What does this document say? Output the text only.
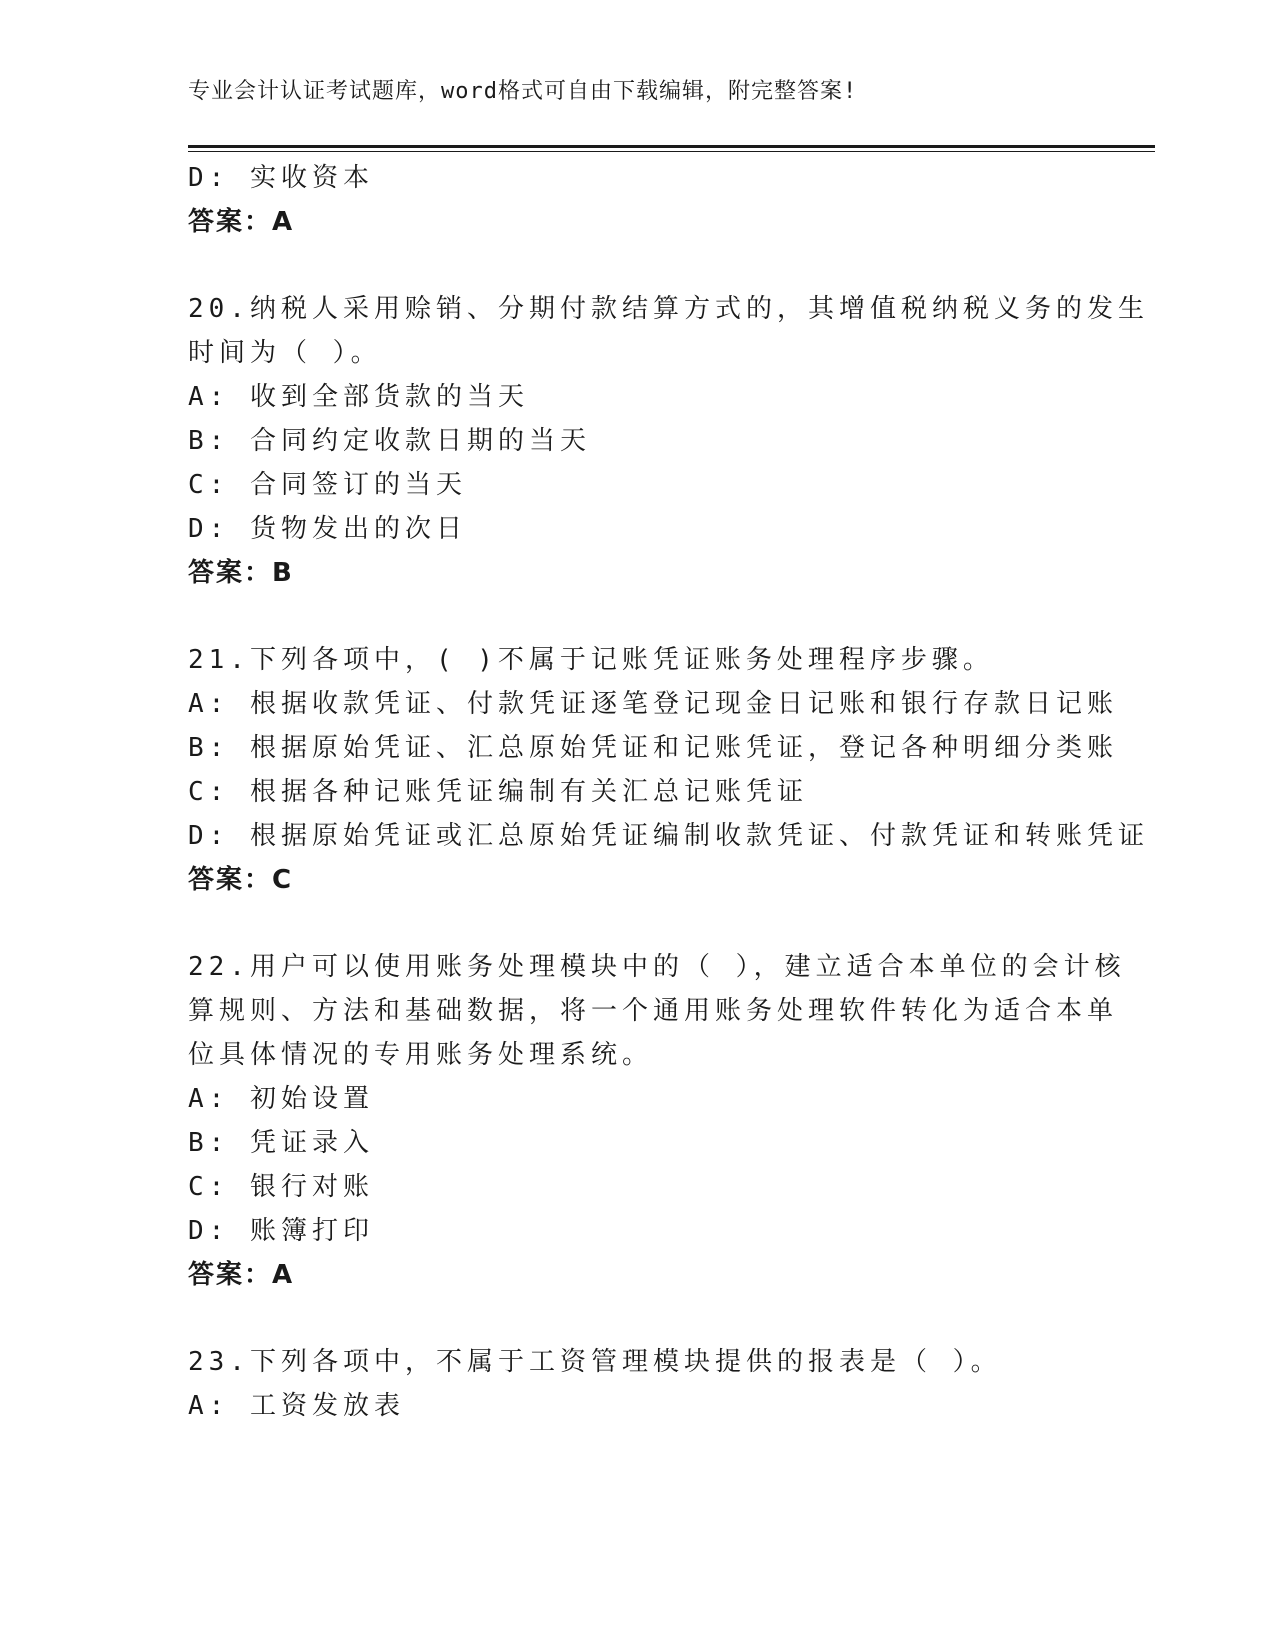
专业会计认证考试题库，word格式可自由下载编辑，附完整答案!
D: 实收资本
答案：A
20.纳税人采用赊销、分期付款结算方式的，其增值税纳税义务的发生
时间为（ ）。
A: 收到全部货款的当天
B: 合同约定收款日期的当天
C: 合同签订的当天
D: 货物发出的次日
答案：B
21.下列各项中，( )不属于记账凭证账务处理程序步骤。
A: 根据收款凭证、付款凭证逐笔登记现金日记账和银行存款日记账
B: 根据原始凭证、汇总原始凭证和记账凭证，登记各种明细分类账
C: 根据各种记账凭证编制有关汇总记账凭证
D: 根据原始凭证或汇总原始凭证编制收款凭证、付款凭证和转账凭证
答案：C
22.用户可以使用账务处理模块中的（ ），建立适合本单位的会计核
算规则、方法和基础数据，将一个通用账务处理软件转化为适合本单
位具体情况的专用账务处理系统。
A: 初始设置
B: 凭证录入
C: 银行对账
D: 账簿打印
答案：A
23.下列各项中，不属于工资管理模块提供的报表是（ ）。
A: 工资发放表
